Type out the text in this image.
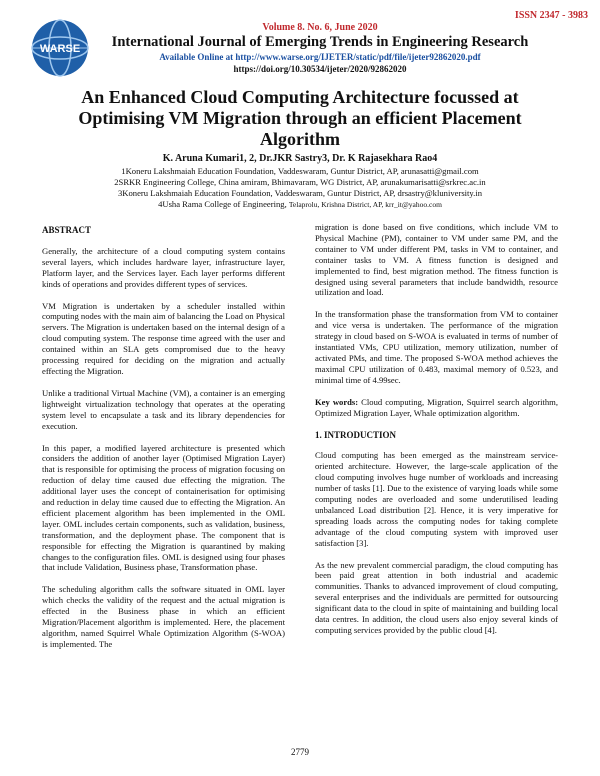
WARSE
ISSN 2347 - 3983
Volume 8. No. 6, June 2020
International Journal of Emerging Trends in Engineering Research
Available Online at http://www.warse.org/IJETER/static/pdf/file/ijeter92862020.pdf
https://doi.org/10.30534/ijeter/2020/92862020
An Enhanced Cloud Computing Architecture focussed at Optimising VM Migration through an efficient Placement Algorithm
K. Aruna Kumari1, 2, Dr.JKR Sastry3, Dr. K Rajasekhara Rao4
1Koneru Lakshmaiah Education Foundation, Vaddeswaram, Guntur District, AP, arunasatti@gmail.com
2SRKR Engineering College, China amiram, Bhimavaram, WG District, AP, arunakumarisatti@srkrec.ac.in
3Koneru Lakshmaiah Education Foundation, Vaddeswaram, Guntur District, AP, drsastry@kluniversity.in
4Usha Rama College of Engineering, Telaprolu, Krishna District, AP, krr_it@yahoo.com
ABSTRACT

Generally, the architecture of a cloud computing system contains several layers, which includes hardware layer, infrastructure layer, Platform layer, and the Services layer. Each layer performs different kinds of operations and provides different types of services.

VM Migration is undertaken by a scheduler installed within computing nodes with the main aim of balancing the Load on Physical servers. The Migration is undertaken based on the internal design of a cloud computing system. The response time agreed with the user and contained within an SLA gets compromised due to the heavy processing required for deciding on the migration and actually effecting the Migration.

Unlike a traditional Virtual Machine (VM), a container is an emerging lightweight virtualization technology that operates at the operating system level to encapsulate a task and its library dependencies for execution.

In this paper, a modified layered architecture is presented which considers the addition of another layer (Optimised Migration Layer) that is responsible for optimising the process of migration focusing on reduction of delay time caused due effecting the migration. The additional layer uses the concept of containerisation for optimising and reduction in delay time caused due to effecting the Migration. An efficient placement algorithm has been implemented in the OML layer. OML includes certain components, such as validation, business, transformation, and the deployment phase. The component that is responsible for effecting the Migration is quarantined by making changes to the configuration files. OML is designed using four phases that include Validation, Business phase, Transformation phase.

The scheduling algorithm calls the software situated in OML layer which checks the validity of the request and the actual migration is effected in the Business phase in which an efficient Migration/Placement algorithm is implemented. Here, the placement algorithm, named Squirrel Whale Optimization Algorithm (S-WOA) is implemented. The

migration is done based on five conditions, which include VM to Physical Machine (PM), container to VM under same PM, and the container to VM under different PM, tasks in VM to container, and container tasks to VM. A fitness function is designed and implemented to find, best migration method. The fitness function is designed using several parameters that include bandwidth, resource utilization and load.

In the transformation phase the transformation from VM to container and vice versa is undertaken. The performance of the migration strategy in cloud based on S-WOA is evaluated in terms of number of instantiated VMs, CPU utilization, memory utilization, number of activated PMs, and time. The proposed S-WOA method achieves the maximal CPU utilization of 0.483, maximal memory of 0.523, and minimal time of 4.99sec.

Key words: Cloud computing, Migration, Squirrel search algorithm, Optimized Migration Layer, Whale optimization algorithm.

1. INTRODUCTION

Cloud computing has been emerged as the mainstream service-oriented architecture. However, the large-scale application of the cloud computing involves huge number of workloads and increasing number of tasks [1]. Due to the existence of varying loads while some computing nodes are overloaded and some underutilised leading unbalanced Load distribution [2]. Hence, it is very imperative for spreading loads across the computing nodes for taking complete advantage of the cloud computing system with improved user satisfaction [3].

As the new prevalent commercial paradigm, the cloud computing has been paid great attention in both industrial and academic communities. Thanks to advanced improvement of cloud computing, several enterprises and the individuals are permitted for outsourcing significant data to the cloud in spite of maintaining and building local data centres. In addition, the cloud users also enjoy several kinds of computing services provided by the public cloud [4].

2779
